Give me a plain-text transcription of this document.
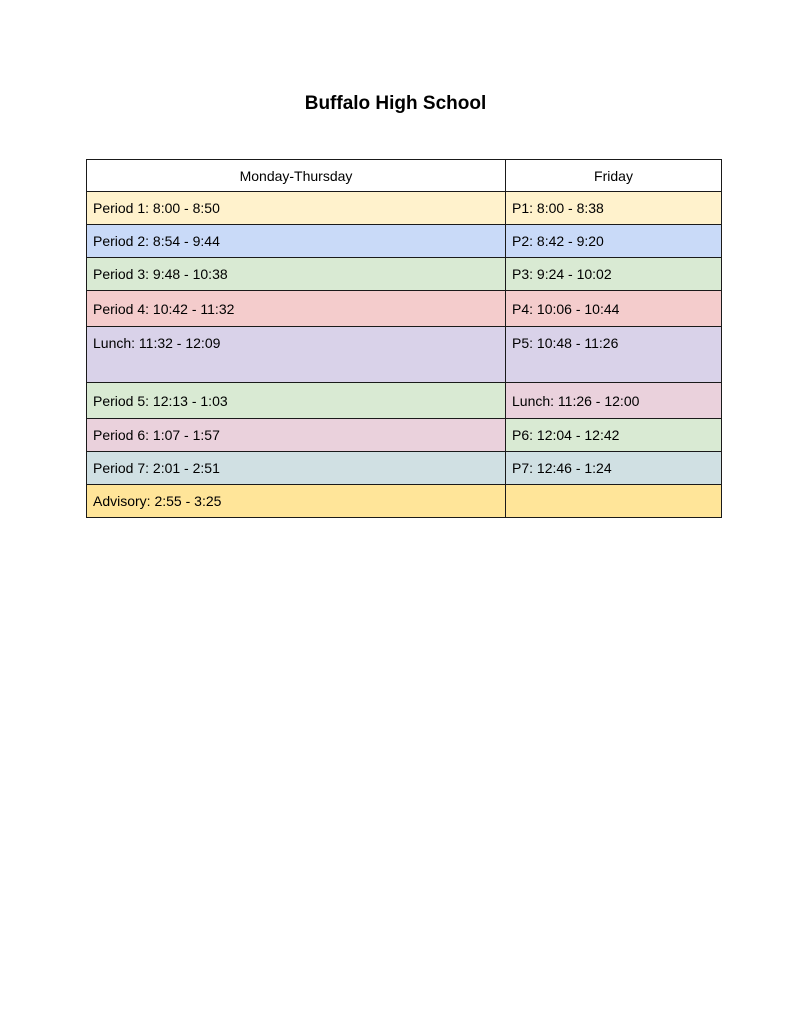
Buffalo High School
Monday-Thursday	Friday
Period 1: 8:00 - 8:50	P1: 8:00 - 8:38
Period 2: 8:54 - 9:44	P2: 8:42 - 9:20
Period 3: 9:48 - 10:38	P3: 9:24 - 10:02
Period 4: 10:42 - 11:32	P4: 10:06 - 10:44
Lunch: 11:32 - 12:09	P5: 10:48 - 11:26
Period 5: 12:13 - 1:03	Lunch: 11:26 - 12:00
Period 6: 1:07 - 1:57	P6: 12:04 - 12:42
Period 7: 2:01 - 2:51	P7: 12:46 - 1:24
Advisory: 2:55 - 3:25	
